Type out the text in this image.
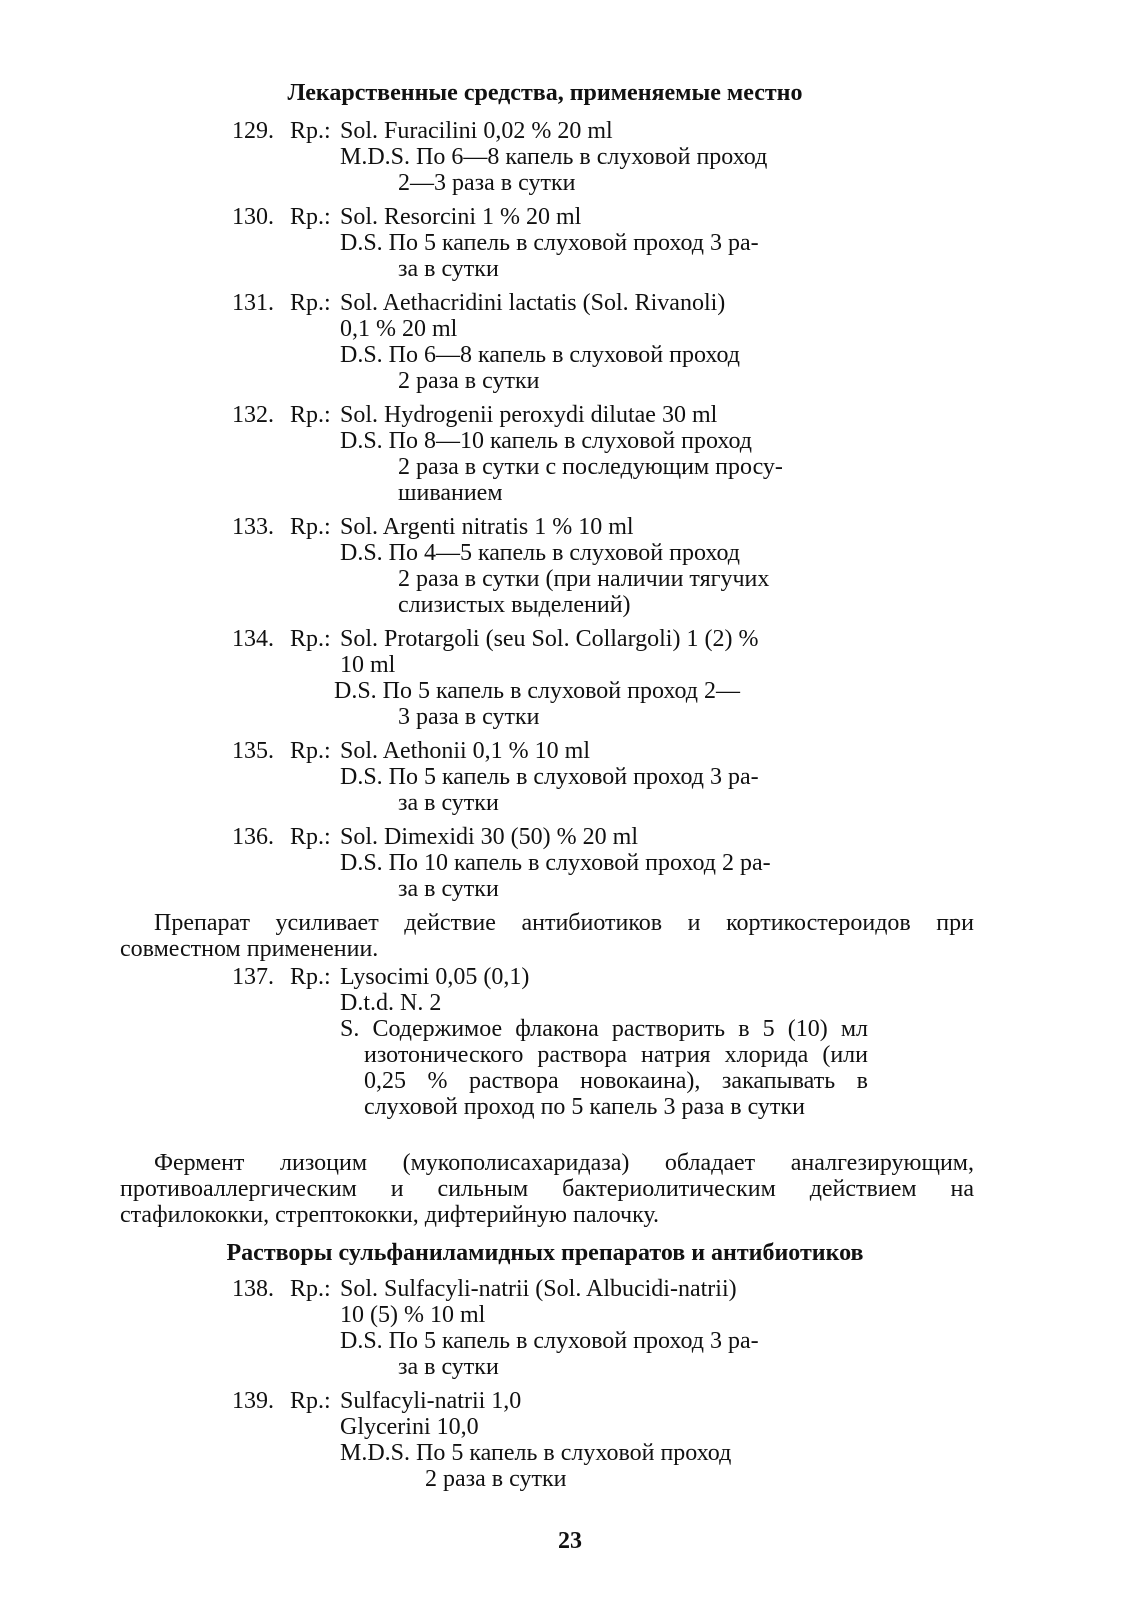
Лекарственные средства, применяемые местно
129. Rp.: Sol. Furacilini 0,02 % 20 ml
M.D.S. По 6—8 капель в слуховой проход
2—3 раза в сутки
130. Rp.: Sol. Resorcini 1 % 20 ml
D.S. По 5 капель в слуховой проход 3 ра-
за в сутки
131. Rp.: Sol. Aethacridini lactatis (Sol. Rivanoli)
0,1 % 20 ml
D.S. По 6—8 капель в слуховой проход
2 раза в сутки
132. Rp.: Sol. Hydrogenii peroxydi dilutae 30 ml
D.S. По 8—10 капель в слуховой проход
2 раза в сутки с последующим просу-
шиванием
133. Rp.: Sol. Argenti nitratis 1 % 10 ml
D.S. По 4—5 капель в слуховой проход
2 раза в сутки (при наличии тягучих
слизистых выделений)
134. Rp.: Sol. Protargoli (seu Sol. Collargoli) 1 (2) %
10 ml
D.S. По 5 капель в слуховой проход 2—
3 раза в сутки
135. Rp.: Sol. Aethonii 0,1 % 10 ml
D.S. По 5 капель в слуховой проход 3 ра-
за в сутки
136. Rp.: Sol. Dimexidi 30 (50) % 20 ml
D.S. По 10 капель в слуховой проход 2 ра-
за в сутки
Препарат усиливает действие антибиотиков и кортикостероидов при совместном применении.
137. Rp.: Lysocimi 0,05 (0,1)
D.t.d. N. 2
S. Содержимое флакона растворить в 5 (10) мл изотонического раствора натрия хлорида (или 0,25 % раствора новокаина), закапывать в слуховой проход по 5 капель 3 раза в сутки
Фермент лизоцим (мукополисахаридаза) обладает аналгезирующим, противоаллергическим и сильным бактериолитическим действием на стафилококки, стрептококки, дифтерийную палочку.
Растворы сульфаниламидных препаратов и антибиотиков
138. Rp.: Sol. Sulfacyli-natrii (Sol. Albucidi-natrii)
10 (5) % 10 ml
D.S. По 5 капель в слуховой проход 3 ра-
за в сутки
139. Rp.: Sulfacyli-natrii 1,0
Glycerini 10,0
M.D.S. По 5 капель в слуховой проход
2 раза в сутки
23
